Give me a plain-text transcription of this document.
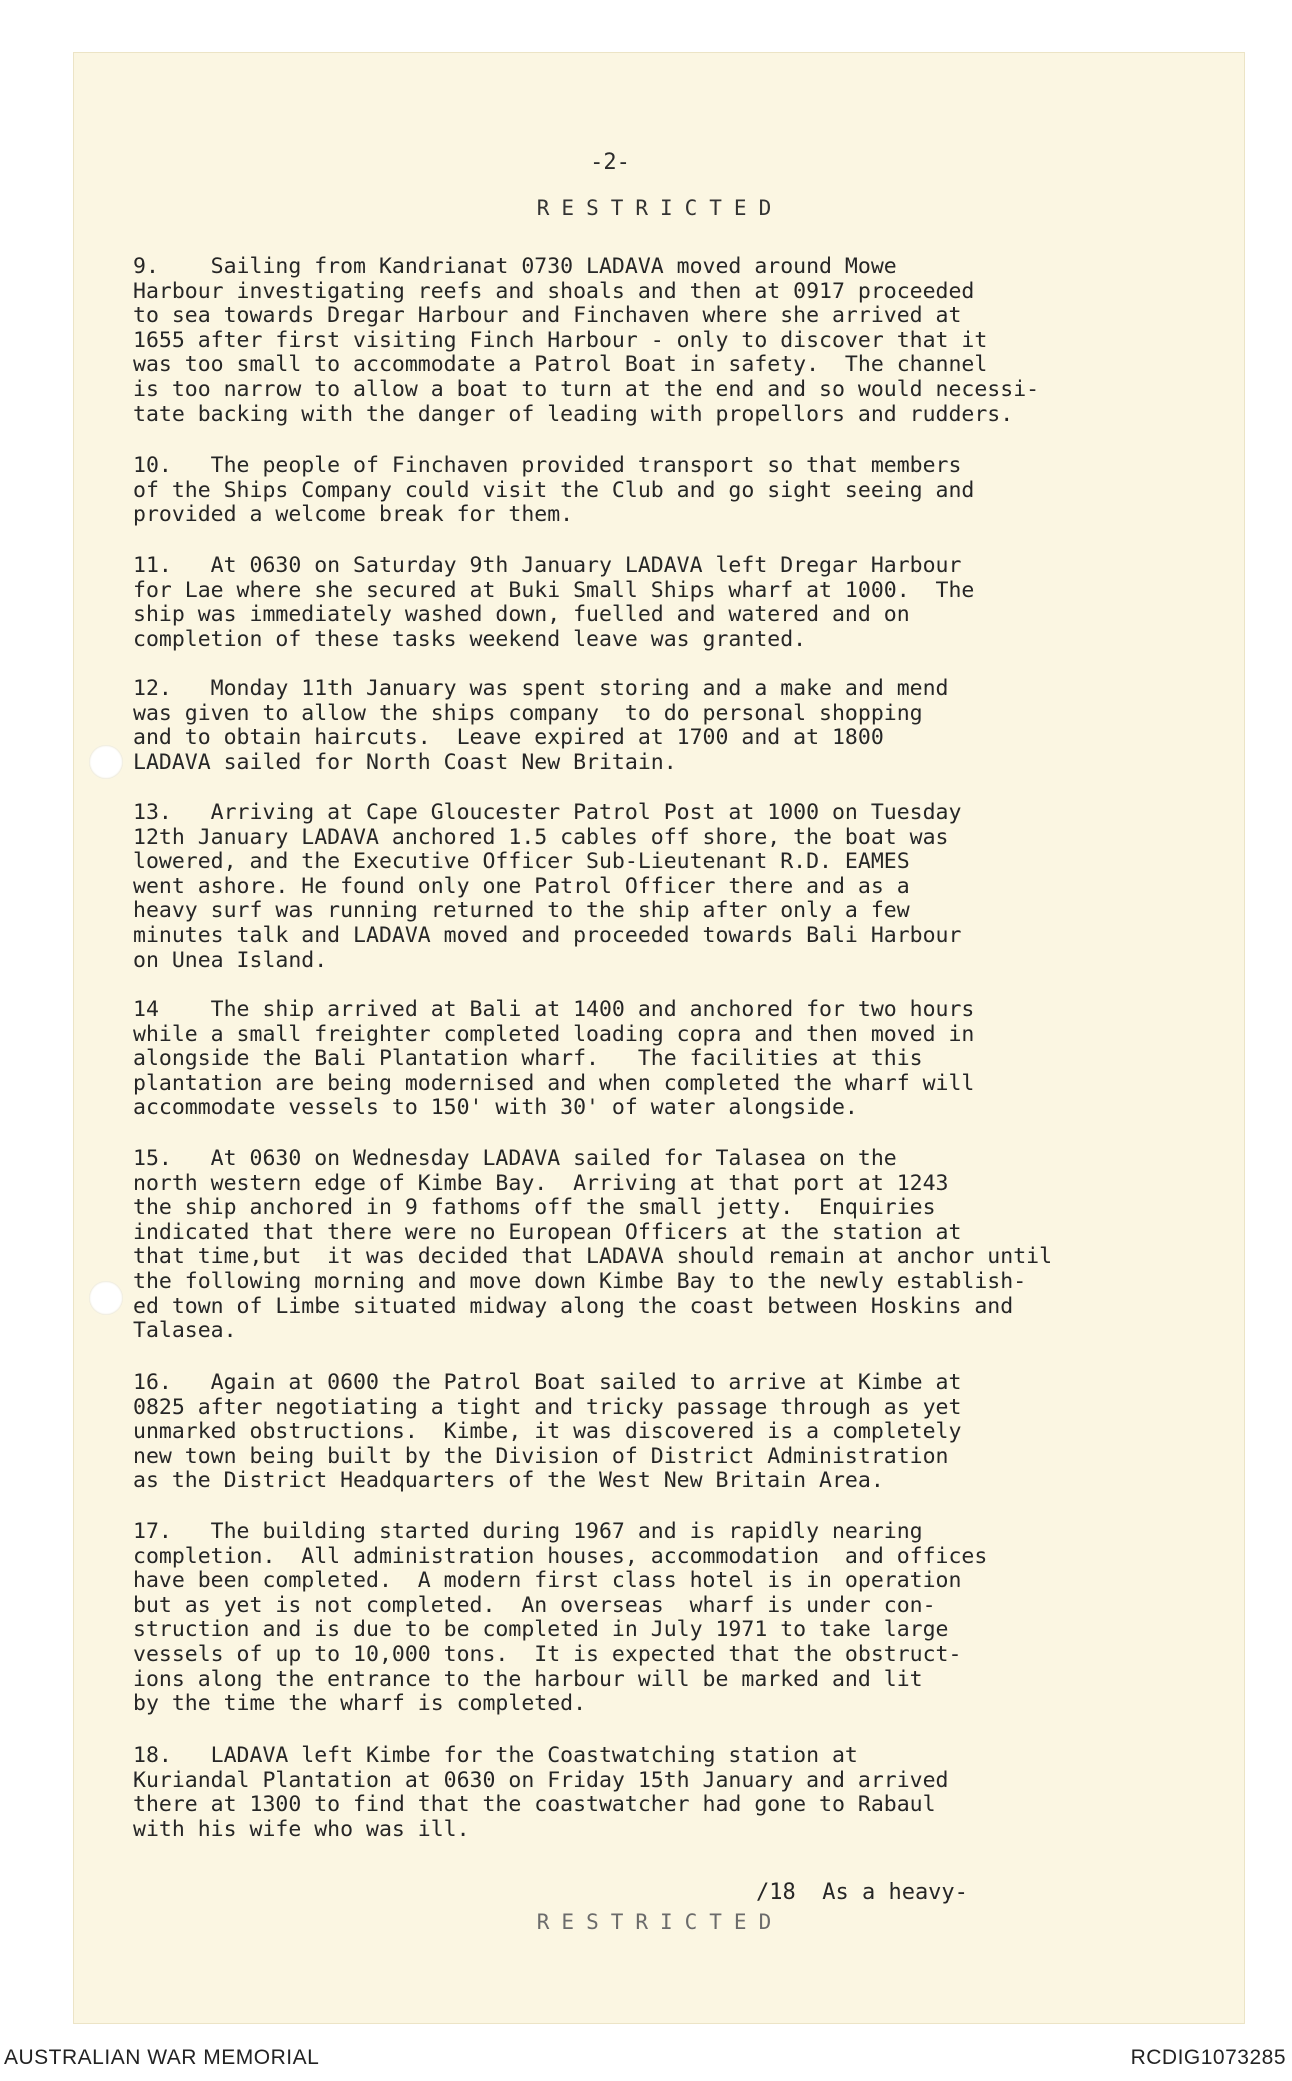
-2-
RESTRICTED
9.    Sailing from Kandrianat 0730 LADAVA moved around Mowe
Harbour investigating reefs and shoals and then at 0917 proceeded
to sea towards Dregar Harbour and Finchaven where she arrived at
1655 after first visiting Finch Harbour - only to discover that it
was too small to accommodate a Patrol Boat in safety.  The channel
is too narrow to allow a boat to turn at the end and so would necessi-
tate backing with the danger of leading with propellors and rudders.
10.   The people of Finchaven provided transport so that members
of the Ships Company could visit the Club and go sight seeing and
provided a welcome break for them.
11.   At 0630 on Saturday 9th January LADAVA left Dregar Harbour
for Lae where she secured at Buki Small Ships wharf at 1000.  The
ship was immediately washed down, fuelled and watered and on
completion of these tasks weekend leave was granted.
12.   Monday 11th January was spent storing and a make and mend
was given to allow the ships company  to do personal shopping
and to obtain haircuts.  Leave expired at 1700 and at 1800
LADAVA sailed for North Coast New Britain.
13.   Arriving at Cape Gloucester Patrol Post at 1000 on Tuesday
12th January LADAVA anchored 1.5 cables off shore, the boat was
lowered, and the Executive Officer Sub-Lieutenant R.D. EAMES
went ashore. He found only one Patrol Officer there and as a
heavy surf was running returned to the ship after only a few
minutes talk and LADAVA moved and proceeded towards Bali Harbour
on Unea Island.
14    The ship arrived at Bali at 1400 and anchored for two hours
while a small freighter completed loading copra and then moved in
alongside the Bali Plantation wharf.   The facilities at this
plantation are being modernised and when completed the wharf will
accommodate vessels to 150' with 30' of water alongside.
15.   At 0630 on Wednesday LADAVA sailed for Talasea on the
north western edge of Kimbe Bay.  Arriving at that port at 1243
the ship anchored in 9 fathoms off the small jetty.  Enquiries
indicated that there were no European Officers at the station at
that time,but  it was decided that LADAVA should remain at anchor until
the following morning and move down Kimbe Bay to the newly establish-
ed town of Limbe situated midway along the coast between Hoskins and
Talasea.
16.   Again at 0600 the Patrol Boat sailed to arrive at Kimbe at
0825 after negotiating a tight and tricky passage through as yet
unmarked obstructions.  Kimbe, it was discovered is a completely
new town being built by the Division of District Administration
as the District Headquarters of the West New Britain Area.
17.   The building started during 1967 and is rapidly nearing
completion.  All administration houses, accommodation  and offices
have been completed.  A modern first class hotel is in operation
but as yet is not completed.  An overseas  wharf is under con-
struction and is due to be completed in July 1971 to take large
vessels of up to 10,000 tons.  It is expected that the obstruct-
ions along the entrance to the harbour will be marked and lit
by the time the wharf is completed.
18.   LADAVA left Kimbe for the Coastwatching station at
Kuriandal Plantation at 0630 on Friday 15th January and arrived
there at 1300 to find that the coastwatcher had gone to Rabaul
with his wife who was ill.
/18  As a heavy-
RESTRICTED
AUSTRALIAN WAR MEMORIAL	RCDIG1073285
